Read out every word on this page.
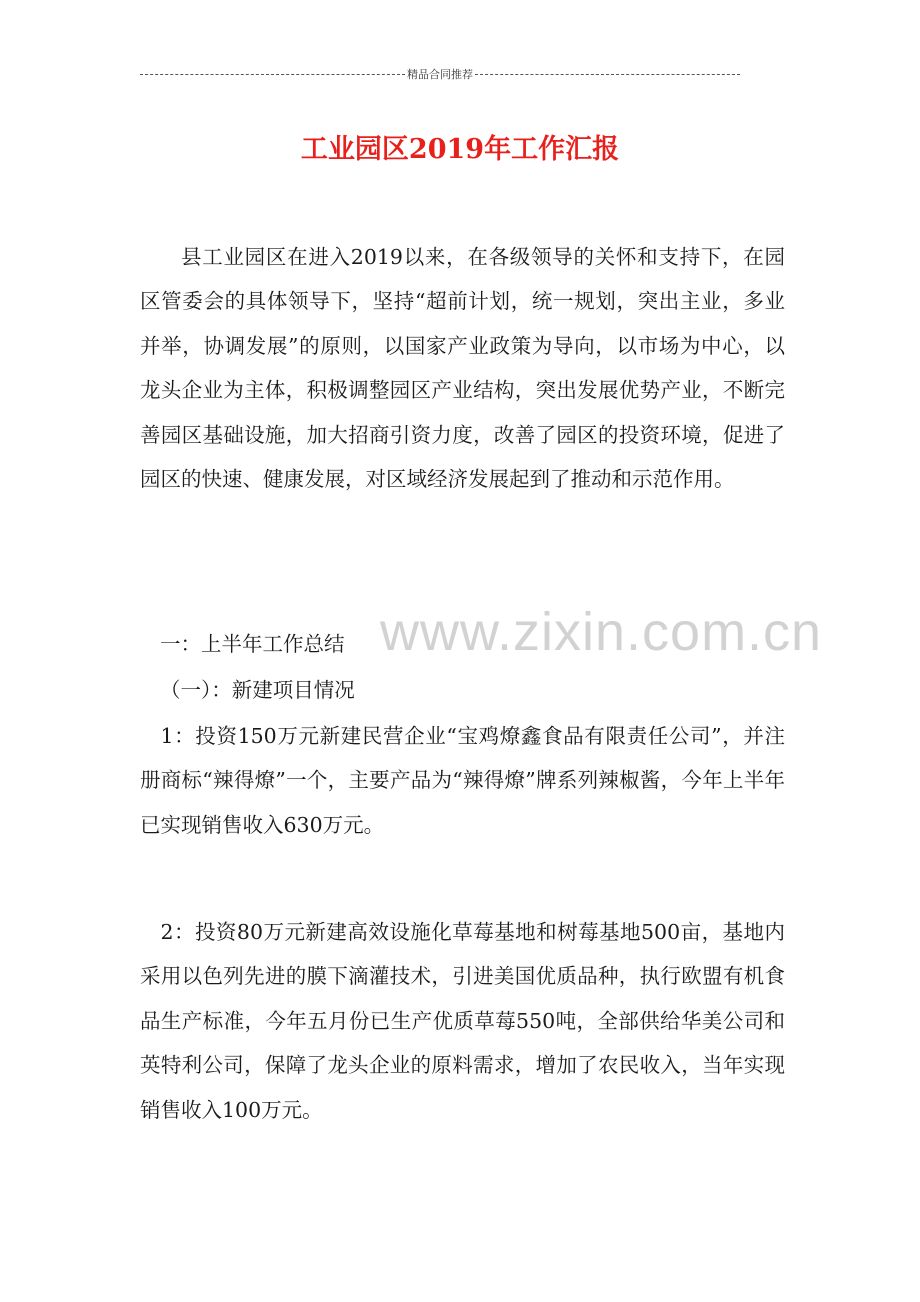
精品合同推荐
工业园区2019年工作汇报
www.zixin.com.cn

县工业园区在进入2019以来，在各级领导的关怀和支持下，在园区管委会的具体领导下，坚持“超前计划，统一规划，突出主业，多业并举，协调发展”的原则，以国家产业政策为导向，以市场为中心，以龙头企业为主体，积极调整园区产业结构，突出发展优势产业，不断完善园区基础设施，加大招商引资力度，改善了园区的投资环境，促进了园区的快速、健康发展，对区域经济发展起到了推动和示范作用。

一：上半年工作总结

（一）：新建项目情况

1：投资150万元新建民营企业“宝鸡燎鑫食品有限责任公司”，并注册商标“辣得燎”一个，主要产品为“辣得燎”牌系列辣椒酱，今年上半年已实现销售收入630万元。

2：投资80万元新建高效设施化草莓基地和树莓基地500亩，基地内采用以色列先进的膜下滴灌技术，引进美国优质品种，执行欧盟有机食品生产标准，今年五月份已生产优质草莓550吨，全部供给华美公司和英特利公司，保障了龙头企业的原料需求，增加了农民收入，当年实现销售收入100万元。
